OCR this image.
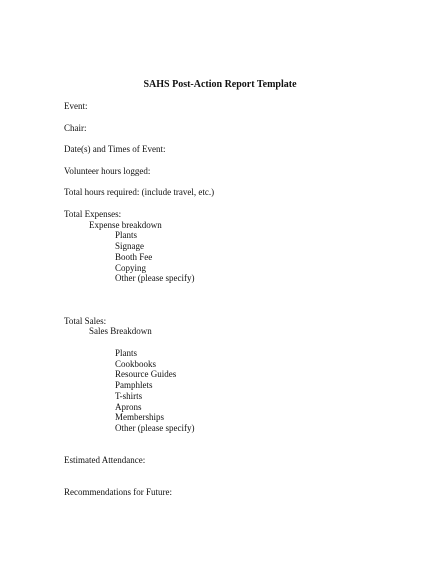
SAHS Post-Action Report Template
Event:
Chair:
Date(s) and Times of Event:
Volunteer hours logged:
Total hours required: (include travel, etc.)
Total Expenses:
Expense breakdown
Plants
Signage
Booth Fee
Copying
Other (please specify)
Total Sales:
Sales Breakdown
Plants
Cookbooks
Resource Guides
Pamphlets
T-shirts
Aprons
Memberships
Other (please specify)
Estimated Attendance:
Recommendations for Future:
